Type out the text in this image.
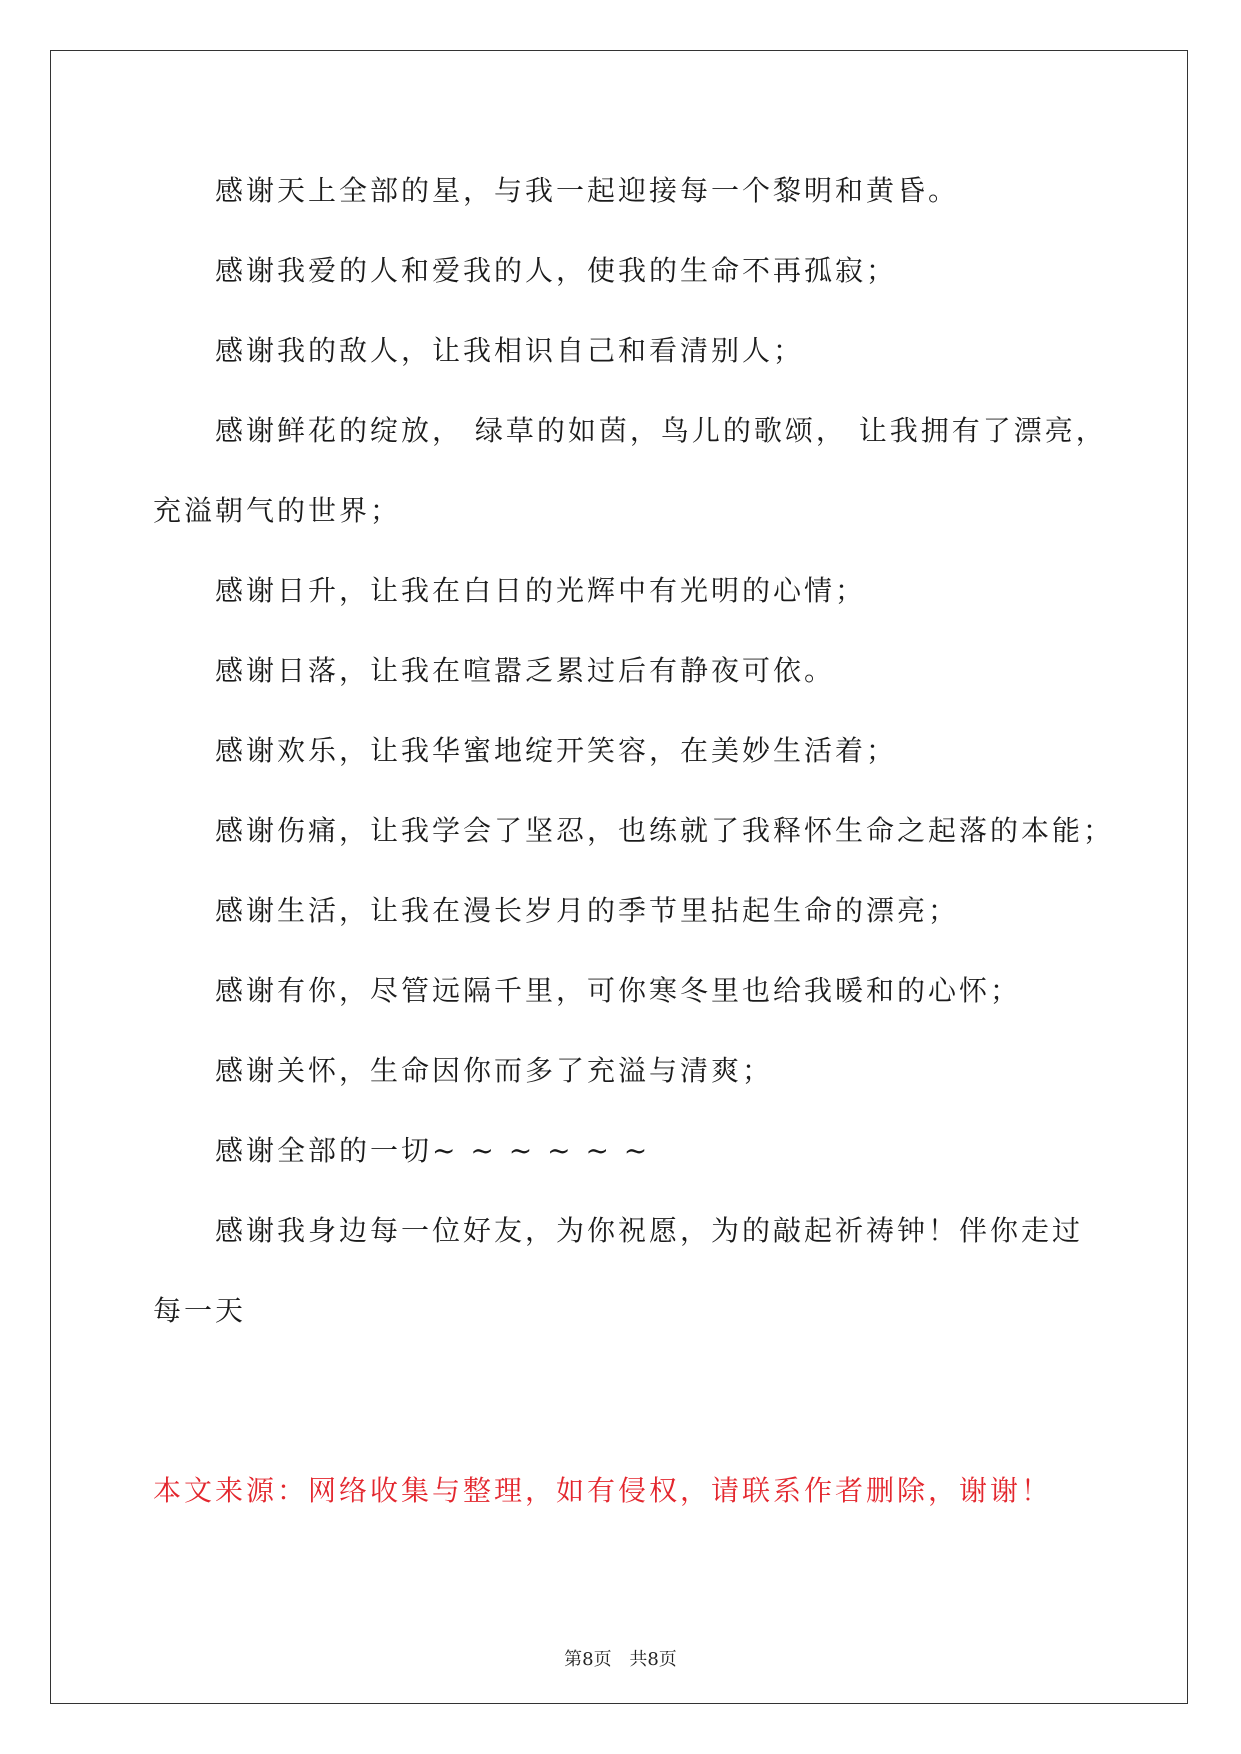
感谢天上全部的星，与我一起迎接每一个黎明和黄昏。
感谢我爱的人和爱我的人，使我的生命不再孤寂；
感谢我的敌人，让我相识自己和看清别人；
感谢鲜花的绽放， 绿草的如茵，鸟儿的歌颂， 让我拥有了漂亮，
充溢朝气的世界；
感谢日升，让我在白日的光辉中有光明的心情；
感谢日落，让我在喧嚣乏累过后有静夜可依。
感谢欢乐，让我华蜜地绽开笑容，在美妙生活着；
感谢伤痛，让我学会了坚忍，也练就了我释怀生命之起落的本能；
感谢生活，让我在漫长岁月的季节里拈起生命的漂亮；
感谢有你，尽管远隔千里，可你寒冬里也给我暖和的心怀；
感谢关怀，生命因你而多了充溢与清爽；
感谢全部的一切~ ~ ~ ~ ~ ~
感谢我身边每一位好友，为你祝愿，为的敲起祈祷钟！伴你走过
每一天
本文来源：网络收集与整理，如有侵权，请联系作者删除，谢谢！
第8页 共8页
